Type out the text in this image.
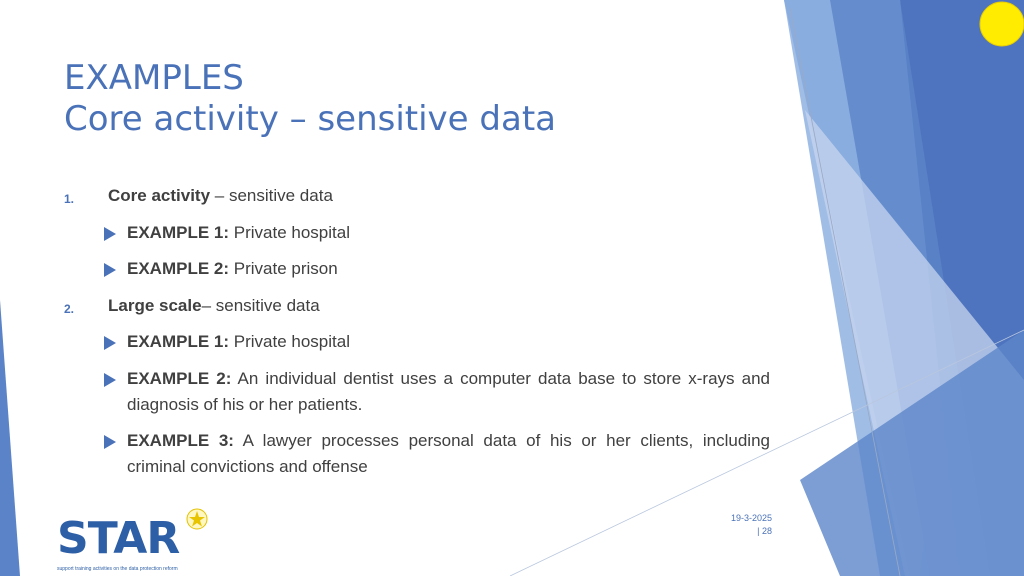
EXAMPLES
Core activity – sensitive data
1.	Core activity – sensitive data
EXAMPLE 1: Private hospital
EXAMPLE 2: Private prison
2.	Large scale– sensitive data
EXAMPLE 1: Private hospital
EXAMPLE 2: An individual dentist uses a computer data base to store x-rays and diagnosis of his or her patients.
EXAMPLE 3: A lawyer processes personal data of his or her clients, including criminal convictions and offense
19-3-2025 | 28
STAR
support training activities on the data protection reform
